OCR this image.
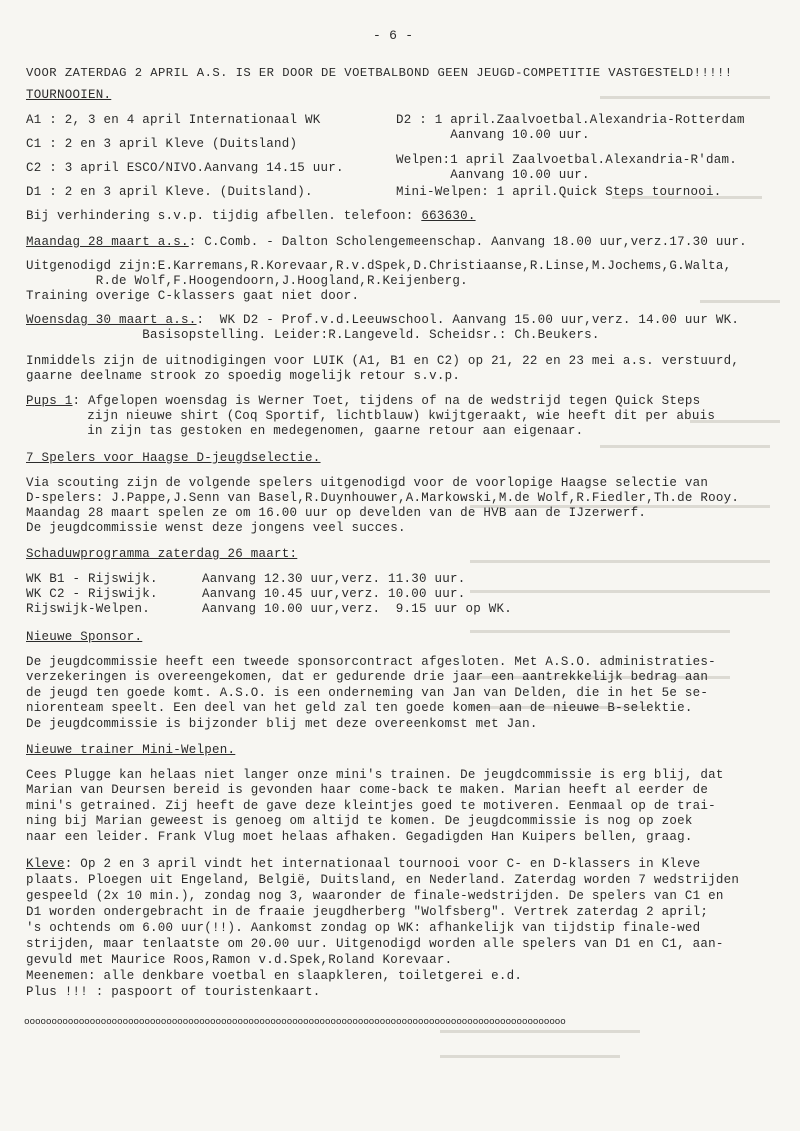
- 6 -
VOOR ZATERDAG 2 APRIL A.S. IS ER DOOR DE VOETBALBOND GEEN JEUGD-COMPETITIE VASTGESTELD!!!!!
TOURNOOIEN.
A1 : 2, 3 en 4 april Internationaal WK
C1 : 2 en 3 april Kleve (Duitsland)
C2 : 3 april ESCO/NIVO.Aanvang 14.15 uur.
D1 : 2 en 3 april Kleve. (Duitsland).
D2 : 1 april.Zaalvoetbal.Alexandria-Rotterdam
Aanvang 10.00 uur.
Welpen:1 april Zaalvoetbal.Alexandria-R'dam.
Aanvang 10.00 uur.
Mini-Welpen: 1 april.Quick Steps tournooi.
Bij verhindering s.v.p. tijdig afbellen. telefoon: 663630.
Maandag 28 maart a.s.: C.Comb. - Dalton Scholengemeenschap. Aanvang 18.00 uur,verz.17.30 uur.
Uitgenodigd zijn:E.Karremans,R.Korevaar,R.v.dSpek,D.Christiaanse,R.Linse,M.Jochems,G.Walta,
R.de Wolf,F.Hoogendoorn,J.Hoogland,R.Keijenberg.
Training overige C-klassers gaat niet door.
Woensdag 30 maart a.s.:  WK D2 - Prof.v.d.Leeuwschool. Aanvang 15.00 uur,verz. 14.00 uur WK.
Basisopstelling. Leider:R.Langeveld. Scheidsr.: Ch.Beukers.
Inmiddels zijn de uitnodigingen voor LUIK (A1, B1 en C2) op 21, 22 en 23 mei a.s. verstuurd,
gaarne deelname strook zo spoedig mogelijk retour s.v.p.
Pups 1: Afgelopen woensdag is Werner Toet, tijdens of na de wedstrijd tegen Quick Steps
zijn nieuwe shirt (Coq Sportif, lichtblauw) kwijtgeraakt, wie heeft dit per abuis
in zijn tas gestoken en medegenomen, gaarne retour aan eigenaar.
7 Spelers voor Haagse D-jeugdselectie.
Via scouting zijn de volgende spelers uitgenodigd voor de voorlopige Haagse selectie van
D-spelers: J.Pappe,J.Senn van Basel,R.Duynhouwer,A.Markowski,M.de Wolf,R.Fiedler,Th.de Rooy.
Maandag 28 maart spelen ze om 16.00 uur op develden van de HVB aan de IJzerwerf.
De jeugdcommissie wenst deze jongens veel succes.
Schaduwprogramma zaterdag 26 maart:
WK B1 - Rijswijk.	Aanvang 12.30 uur,verz. 11.30 uur.
WK C2 - Rijswijk.	Aanvang 10.45 uur,verz. 10.00 uur.
Rijswijk-Welpen.	Aanvang 10.00 uur,verz.  9.15 uur op WK.
Nieuwe Sponsor.
De jeugdcommissie heeft een tweede sponsorcontract afgesloten. Met A.S.O. administraties-
verzekeringen is overeengekomen, dat er gedurende drie jaar een aantrekkelijk bedrag aan
de jeugd ten goede komt. A.S.O. is een onderneming van Jan van Delden, die in het 5e se-
niorenteam speelt. Een deel van het geld zal ten goede komen aan de nieuwe B-selektie.
De jeugdcommissie is bijzonder blij met deze overeenkomst met Jan.
Nieuwe trainer Mini-Welpen.
Cees Plugge kan helaas niet langer onze mini's trainen. De jeugdcommissie is erg blij, dat
Marian van Deursen bereid is gevonden haar come-back te maken. Marian heeft al eerder de
mini's getrained. Zij heeft de gave deze kleintjes goed te motiveren. Eenmaal op de trai-
ning bij Marian geweest is genoeg om altijd te komen. De jeugdcommissie is nog op zoek
naar een leider. Frank Vlug moet helaas afhaken. Gegadigden Han Kuipers bellen, graag.
Kleve: Op 2 en 3 april vindt het internationaal tournooi voor C- en D-klassers in Kleve
plaats. Ploegen uit Engeland, België, Duitsland, en Nederland. Zaterdag worden 7 wedstrijden
gespeeld (2x 10 min.), zondag nog 3, waaronder de finale-wedstrijden. De spelers van C1 en
D1 worden ondergebracht in de fraaie jeugdherberg "Wolfsberg". Vertrek zaterdag 2 april;
's ochtends om 6.00 uur(!!). Aankomst zondag op WK: afhankelijk van tijdstip finale-wed
strijden, maar tenlaatste om 20.00 uur. Uitgenodigd worden alle spelers van D1 en C1, aan-
gevuld met Maurice Roos,Ramon v.d.Spek,Roland Korevaar.
Meenemen: alle denkbare voetbal en slaapkleren, toiletgerei e.d.
Plus !!! : paspoort of touristenkaart.
ooooooooooooooooooooooooooooooooooooooooooooooooooooooooooooooooooooooooooooooooooooooooooooooooooo
